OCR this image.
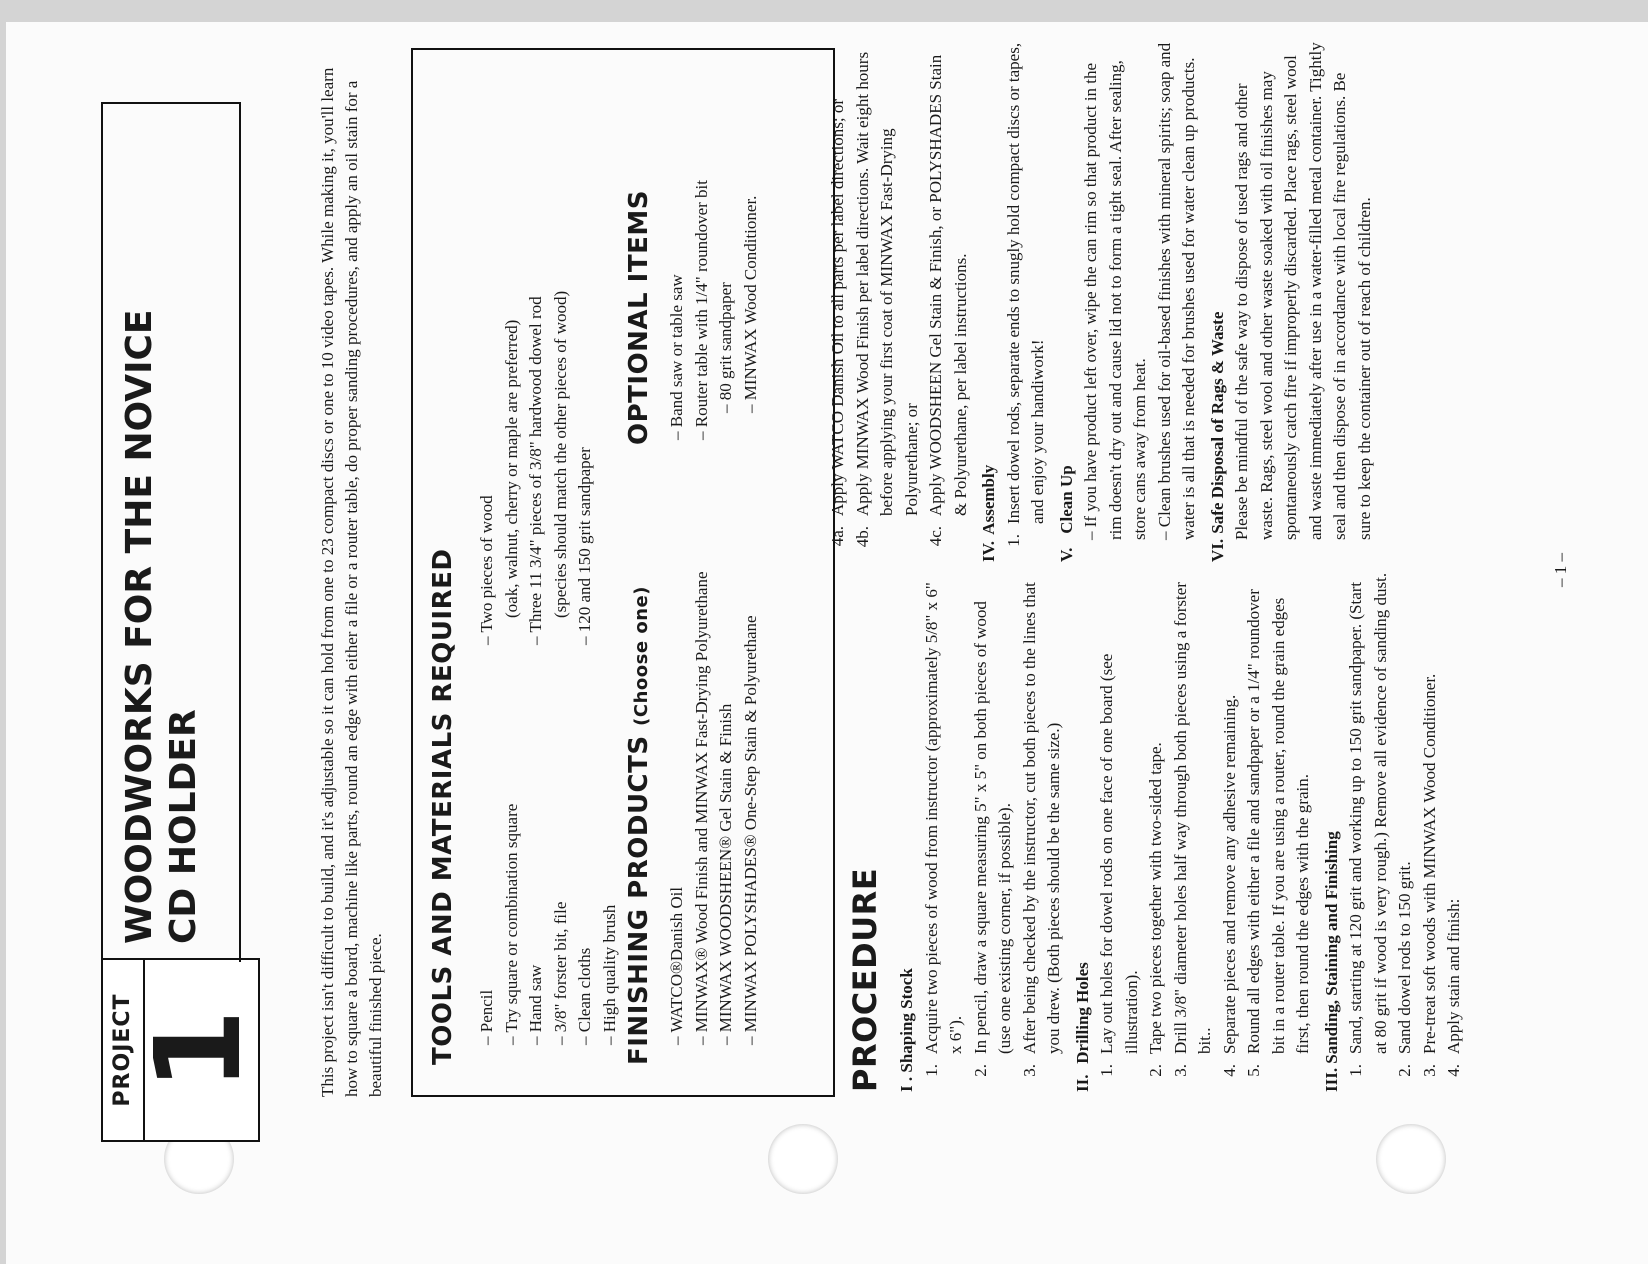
PROJECT
1
WOODWORKS FOR THE NOVICE CD HOLDER	This project isn't difficult to build, and it's adjustable so it can hold from one to 23 compact discs or one to 10 video tapes. While making it, you'll learn how to square a board, machine like parts, round an edge with either a file or a router table, do proper sanding procedures, and apply an oil stain for a beautiful finished piece. TOOLS AND MATERIALS REQUIRED – Pencil – Try square or combination square – Hand saw – 3/8" forster bit, file – Clean cloths – High quality brush
– Two pieces of wood (oak, walnut, cherry or maple are preferred) – Three 11 3/4" pieces of 3/8" hardwood dowel rod (species should match the other pieces of wood) – 120 and 150 grit sandpaper
FINISHING PRODUCTS (Choose one)
– WATCO®Danish Oil – MINWAX® Wood Finish and MINWAX Fast-Drying Polyurethane – MINWAX WOODSHEEN® Gel Stain & Finish – MINWAX POLYSHADES® One-Step Stain & Polyurethane
OPTIONAL ITEMS – Band saw or table saw – Router table with 1/4" roundover bit – 80 grit sandpaper – MINWAX Wood Conditioner.
PROCEDURE I . Shaping Stock 1.
Acquire two pieces of wood from instructor (approximately 5/8" x 6" x 6").
2.
In pencil, draw a square measuring 5" x 5" on both pieces of wood (use one existing corner, if possible).
3.
After being checked by the instructor, cut both pieces to the lines that you drew. (Both pieces should be the same size.)
II. Drilling Holes
1.
Lay out holes for dowel rods on one face of one board (see illustration).
2.
Tape two pieces together with two-sided tape.
3.
Drill 3/8" diameter holes half way through both pieces using a forster bit..
4.
Separate pieces and remove any adhesive remaining.
5.
Round all edges with either a file and sandpaper or a 1/4" roundover bit in a router table. If you are using a router, round the grain edges first, then round the edges with the grain.
III. Sanding, Staining and Finishing
1.
Sand, starting at 120 grit and working up to 150 grit sandpaper. (Start at 80 grit if wood is very rough.) Remove all evidence of sanding dust.
2.
Sand dowel rods to 150 grit.
3.
Pre-treat soft woods with MINWAX Wood Conditioner.
4.
Apply stain and finish:
4a.
Apply WATCO Danish Oil to all parts per label directions; or
4b.
Apply MINWAX Wood Finish per label directions. Wait eight hours before applying your first coat of MINWAX Fast-Drying Polyurethane; or
4c.
Apply WOODSHEEN Gel Stain & Finish, or POLYSHADES Stain & Polyurethane, per label instructions.
IV. Assembly
1.
Insert dowel rods, separate ends to snugly hold compact discs or tapes, and enjoy your handiwork!
V. Clean Up – If you have product left over, wipe the can rim so that product in the rim doesn't dry out and cause lid not to form a tight seal. After sealing, store cans away from heat. – Clean brushes used for oil-based finishes with mineral spirits; soap and water is all that is needed for brushes used for water clean up products.
VI. Safe Disposal of Rags & Waste Please be mindful of the safe way to dispose of used rags and other waste. Rags, steel wool and other waste soaked with oil finishes may spontaneously catch fire if improperly discarded. Place rags, steel wool and waste immediately after use in a water-filled metal container. Tightly seal and then dispose of in accordance with local fire regulations. Be sure to keep the container out of reach of children.
– 1 –
